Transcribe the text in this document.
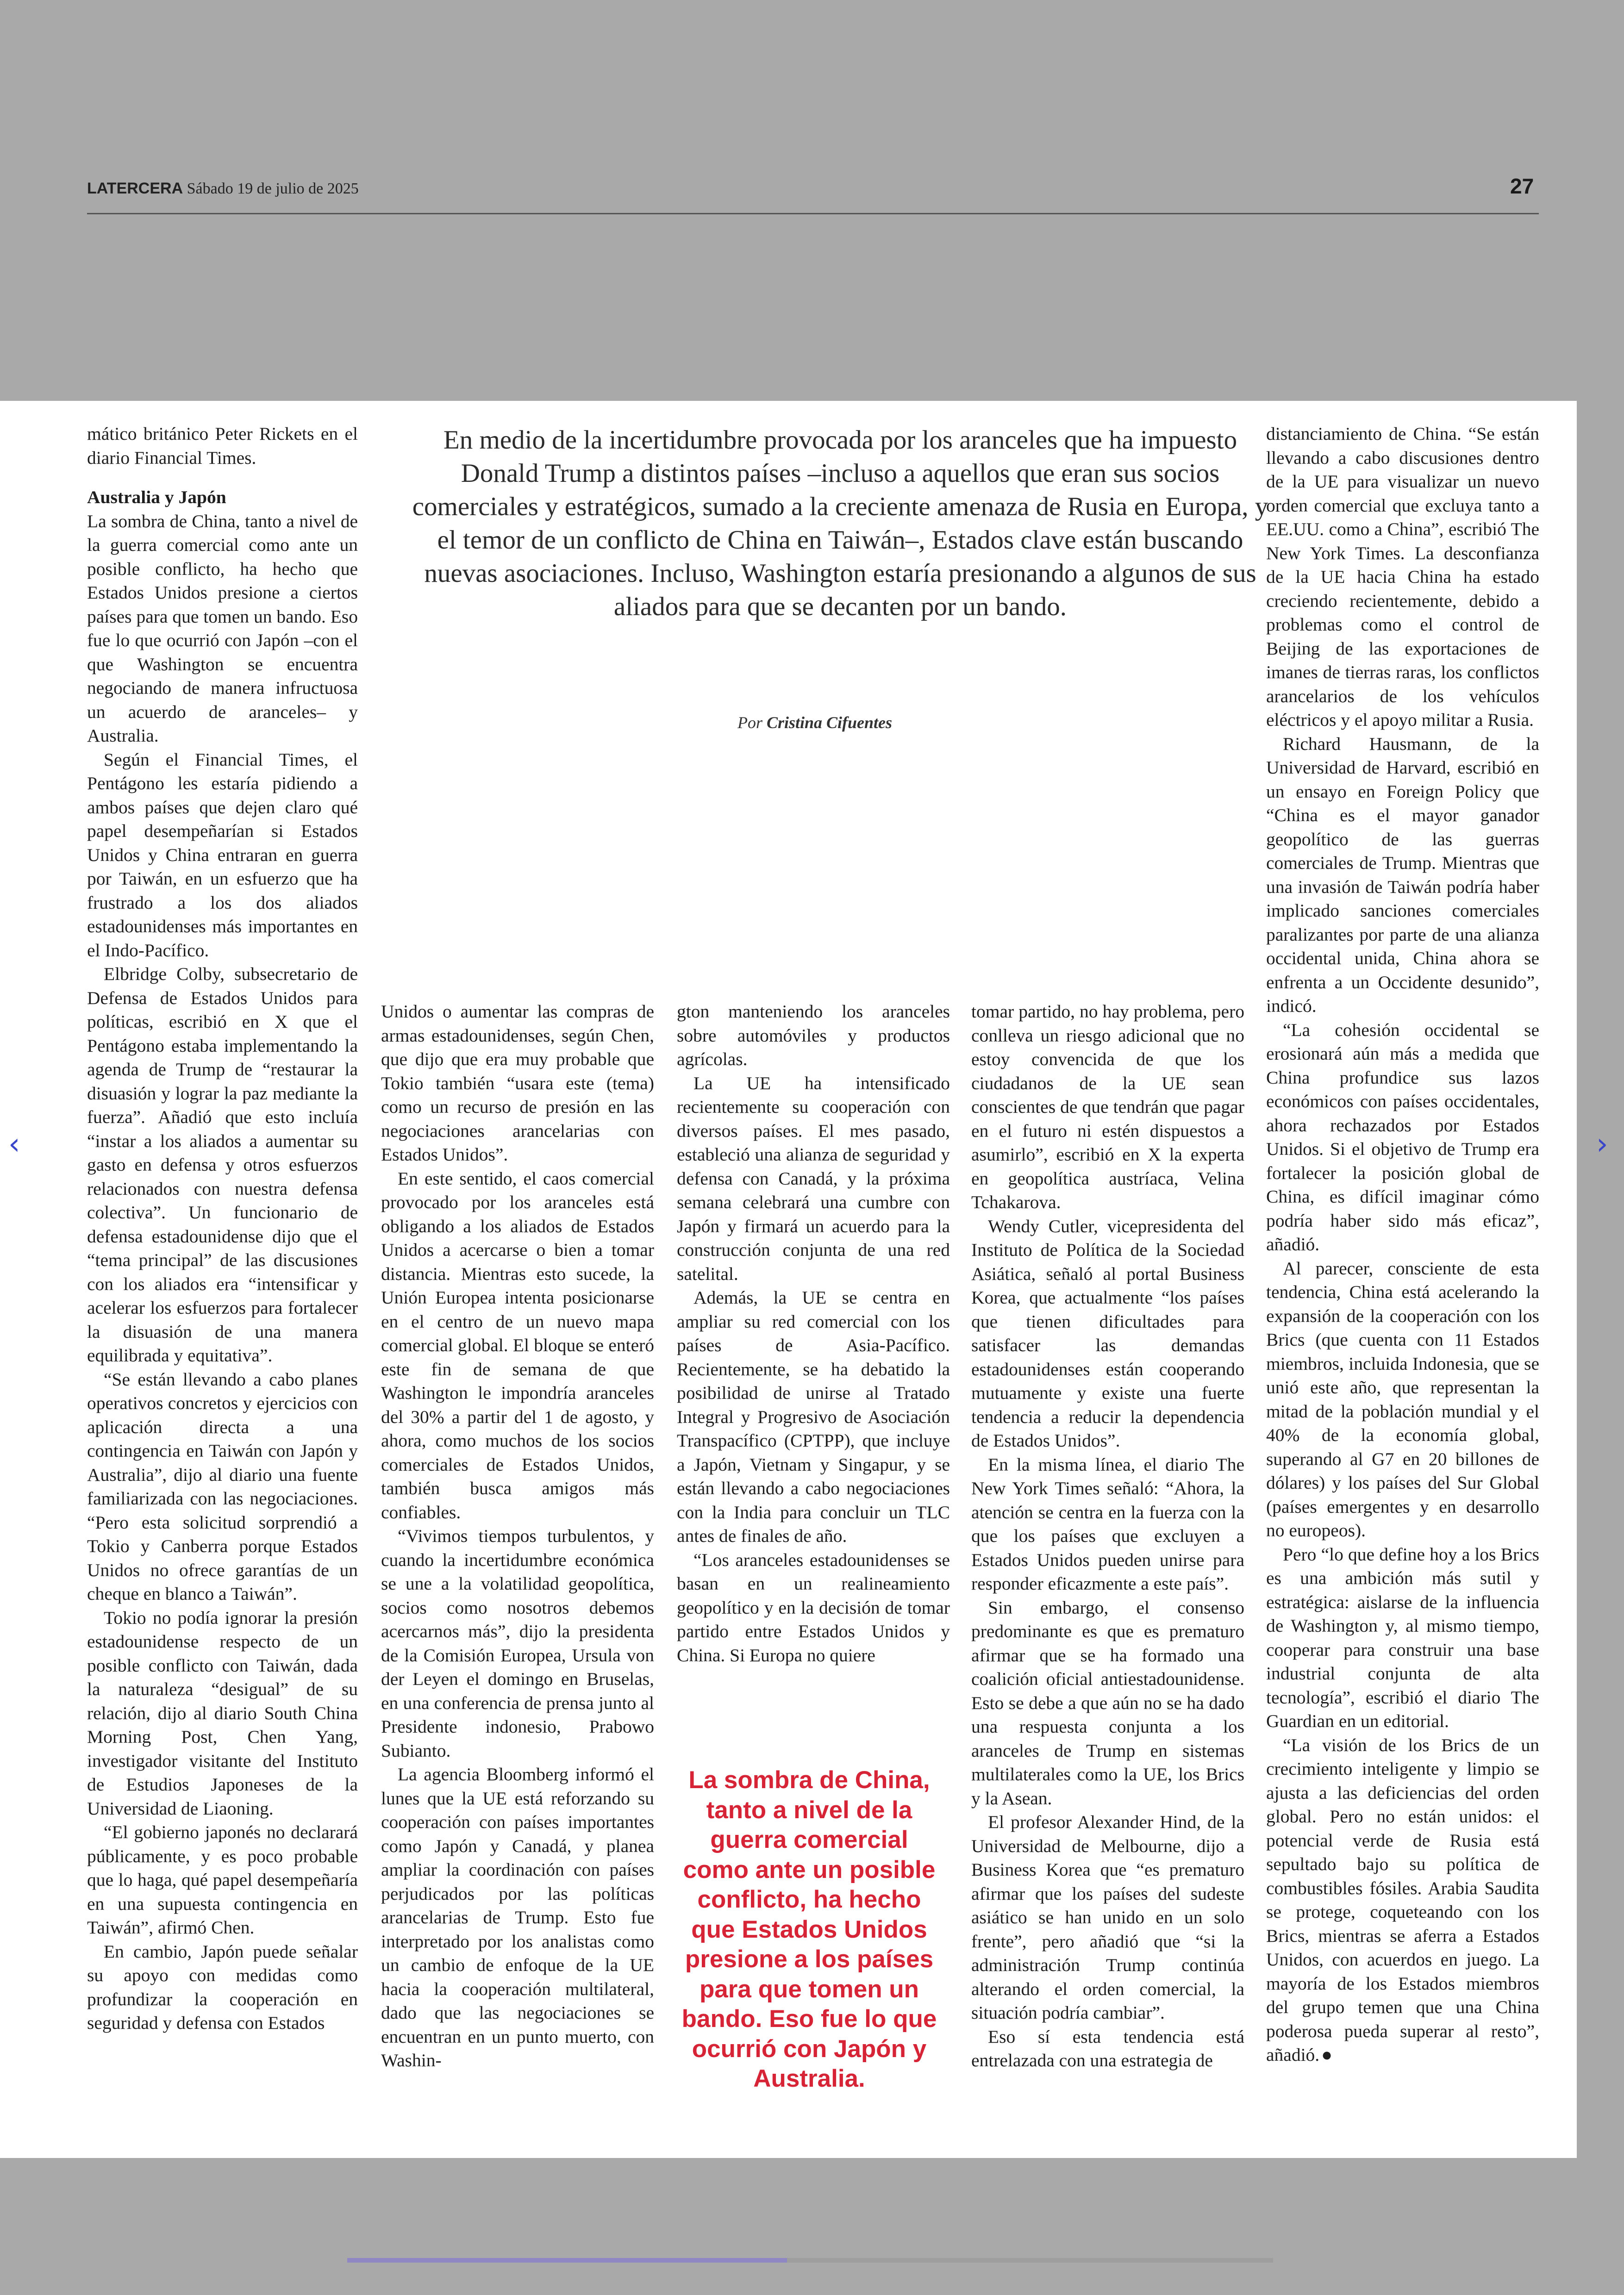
LATERCERA Sábado 19 de julio de 2025	27
En medio de la incertidumbre provocada por los aranceles que ha impuesto Donald Trump a distintos países –incluso a aquellos que eran sus socios comerciales y estratégicos, sumado a la creciente amenaza de Rusia en Europa, y el temor de un conflicto de China en Taiwán–, Estados clave están buscando nuevas asociaciones. Incluso, Washington estaría presionando a algunos de sus aliados para que se decanten por un bando.
Por Cristina Cifuentes

mático británico Peter Rickets en el diario Financial Times.

Australia y Japón

La sombra de China, tanto a nivel de la guerra comercial como ante un posible conflicto, ha hecho que Estados Unidos presione a ciertos países para que tomen un bando. Eso fue lo que ocurrió con Japón –con el que Washington se encuentra negociando de manera infructuosa un acuerdo de aranceles– y Australia.

Según el Financial Times, el Pentágono les estaría pidiendo a ambos países que dejen claro qué papel desempeñarían si Estados Unidos y China entraran en guerra por Taiwán, en un esfuerzo que ha frustrado a los dos aliados estadounidenses más importantes en el Indo-Pacífico.

Elbridge Colby, subsecretario de Defensa de Estados Unidos para políticas, escribió en X que el Pentágono estaba implementando la agenda de Trump de “restaurar la disuasión y lograr la paz mediante la fuerza”. Añadió que esto incluía “instar a los aliados a aumentar su gasto en defensa y otros esfuerzos relacionados con nuestra defensa colectiva”. Un funcionario de defensa estadounidense dijo que el “tema principal” de las discusiones con los aliados era “intensificar y acelerar los esfuerzos para fortalecer la disuasión de una manera equilibrada y equitativa”.

“Se están llevando a cabo planes operativos concretos y ejercicios con aplicación directa a una contingencia en Taiwán con Japón y Australia”, dijo al diario una fuente familiarizada con las negociaciones. “Pero esta solicitud sorprendió a Tokio y Canberra porque Estados Unidos no ofrece garantías de un cheque en blanco a Taiwán”.

Tokio no podía ignorar la presión estadounidense respecto de un posible conflicto con Taiwán, dada la naturaleza “desigual” de su relación, dijo al diario South China Morning Post, Chen Yang, investigador visitante del Instituto de Estudios Japoneses de la Universidad de Liaoning.

“El gobierno japonés no declarará públicamente, y es poco probable que lo haga, qué papel desempeñaría en una supuesta contingencia en Taiwán”, afirmó Chen.

En cambio, Japón puede señalar su apoyo con medidas como profundizar la cooperación en seguridad y defensa con Estados

Unidos o aumentar las compras de armas estadounidenses, según Chen, que dijo que era muy probable que Tokio también “usara este (tema) como un recurso de presión en las negociaciones arancelarias con Estados Unidos”.

En este sentido, el caos comercial provocado por los aranceles está obligando a los aliados de Estados Unidos a acercarse o bien a tomar distancia. Mientras esto sucede, la Unión Europea intenta posicionarse en el centro de un nuevo mapa comercial global. El bloque se enteró este fin de semana de que Washington le impondría aranceles del 30% a partir del 1 de agosto, y ahora, como muchos de los socios comerciales de Estados Unidos, también busca amigos más confiables.

“Vivimos tiempos turbulentos, y cuando la incertidumbre económica se une a la volatilidad geopolítica, socios como nosotros debemos acercarnos más”, dijo la presidenta de la Comisión Europea, Ursula von der Leyen el domingo en Bruselas, en una conferencia de prensa junto al Presidente indonesio, Prabowo Subianto.

La agencia Bloomberg informó el lunes que la UE está reforzando su cooperación con países importantes como Japón y Canadá, y planea ampliar la coordinación con países perjudicados por las políticas arancelarias de Trump. Esto fue interpretado por los analistas como un cambio de enfoque de la UE hacia la cooperación multilateral, dado que las negociaciones se encuentran en un punto muerto, con Washin-

gton manteniendo los aranceles sobre automóviles y productos agrícolas.

La UE ha intensificado recientemente su cooperación con diversos países. El mes pasado, estableció una alianza de seguridad y defensa con Canadá, y la próxima semana celebrará una cumbre con Japón y firmará un acuerdo para la construcción conjunta de una red satelital.

Además, la UE se centra en ampliar su red comercial con los países de Asia-Pacífico. Recientemente, se ha debatido la posibilidad de unirse al Tratado Integral y Progresivo de Asociación Transpacífico (CPTPP), que incluye a Japón, Vietnam y Singapur, y se están llevando a cabo negociaciones con la India para concluir un TLC antes de finales de año.

“Los aranceles estadounidenses se basan en un realineamiento geopolítico y en la decisión de tomar partido entre Estados Unidos y China. Si Europa no quiere

La sombra de China, tanto a nivel de la guerra comercial como ante un posible conflicto, ha hecho que Estados Unidos presione a los países para que tomen un bando. Eso fue lo que ocurrió con Japón y Australia.

tomar partido, no hay problema, pero conlleva un riesgo adicional que no estoy convencida de que los ciudadanos de la UE sean conscientes de que tendrán que pagar en el futuro ni estén dispuestos a asumirlo”, escribió en X la experta en geopolítica austríaca, Velina Tchakarova.

Wendy Cutler, vicepresidenta del Instituto de Política de la Sociedad Asiática, señaló al portal Business Korea, que actualmente “los países que tienen dificultades para satisfacer las demandas estadounidenses están cooperando mutuamente y existe una fuerte tendencia a reducir la dependencia de Estados Unidos”.

En la misma línea, el diario The New York Times señaló: “Ahora, la atención se centra en la fuerza con la que los países que excluyen a Estados Unidos pueden unirse para responder eficazmente a este país”.

Sin embargo, el consenso predominante es que es prematuro afirmar que se ha formado una coalición oficial antiestadounidense. Esto se debe a que aún no se ha dado una respuesta conjunta a los aranceles de Trump en sistemas multilaterales como la UE, los Brics y la Asean.

El profesor Alexander Hind, de la Universidad de Melbourne, dijo a Business Korea que “es prematuro afirmar que los países del sudeste asiático se han unido en un solo frente”, pero añadió que “si la administración Trump continúa alterando el orden comercial, la situación podría cambiar”.

Eso sí esta tendencia está entrelazada con una estrategia de

distanciamiento de China. “Se están llevando a cabo discusiones dentro de la UE para visualizar un nuevo orden comercial que excluya tanto a EE.UU. como a China”, escribió The New York Times. La desconfianza de la UE hacia China ha estado creciendo recientemente, debido a problemas como el control de Beijing de las exportaciones de imanes de tierras raras, los conflictos arancelarios de los vehículos eléctricos y el apoyo militar a Rusia.

Richard Hausmann, de la Universidad de Harvard, escribió en un ensayo en Foreign Policy que “China es el mayor ganador geopolítico de las guerras comerciales de Trump. Mientras que una invasión de Taiwán podría haber implicado sanciones comerciales paralizantes por parte de una alianza occidental unida, China ahora se enfrenta a un Occidente desunido”, indicó.

“La cohesión occidental se erosionará aún más a medida que China profundice sus lazos económicos con países occidentales, ahora rechazados por Estados Unidos. Si el objetivo de Trump era fortalecer la posición global de China, es difícil imaginar cómo podría haber sido más eficaz”, añadió.

Al parecer, consciente de esta tendencia, China está acelerando la expansión de la cooperación con los Brics (que cuenta con 11 Estados miembros, incluida Indonesia, que se unió este año, que representan la mitad de la población mundial y el 40% de la economía global, superando al G7 en 20 billones de dólares) y los países del Sur Global (países emergentes y en desarrollo no europeos).

Pero “lo que define hoy a los Brics es una ambición más sutil y estratégica: aislarse de la influencia de Washington y, al mismo tiempo, cooperar para construir una base industrial conjunta de alta tecnología”, escribió el diario The Guardian en un editorial.

“La visión de los Brics de un crecimiento inteligente y limpio se ajusta a las deficiencias del orden global. Pero no están unidos: el potencial verde de Rusia está sepultado bajo su política de combustibles fósiles. Arabia Saudita se protege, coqueteando con los Brics, mientras se aferra a Estados Unidos, con acuerdos en juego. La mayoría de los Estados miembros del grupo temen que una China poderosa pueda superar al resto”, añadió. ●

‹	›
